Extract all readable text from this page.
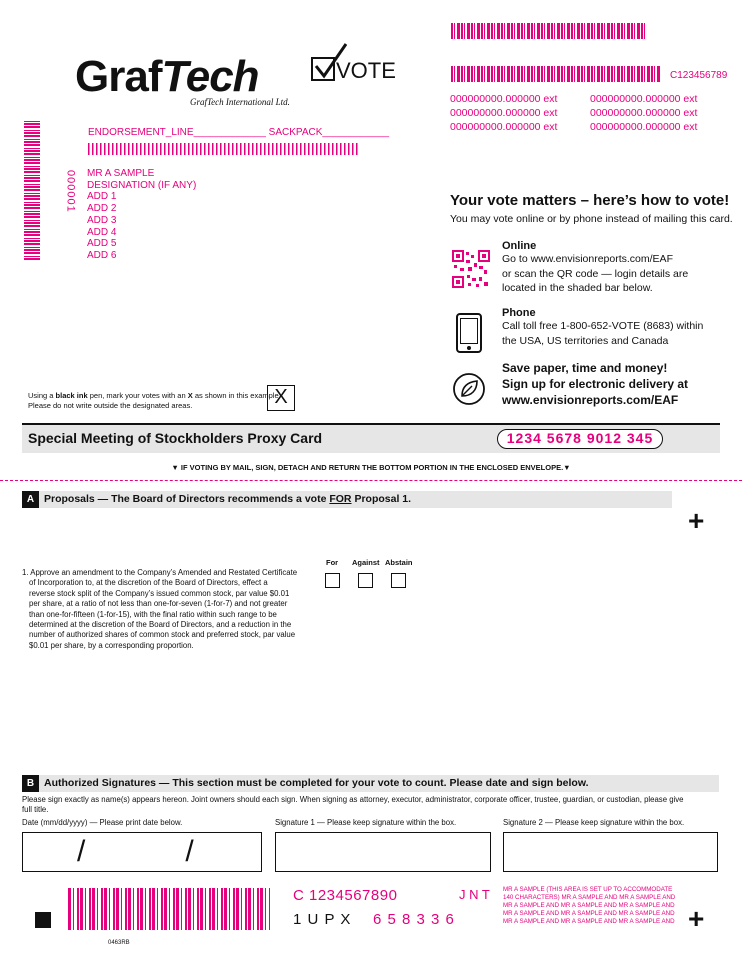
C123456789
GrafTech
GrafTech International Ltd.
VOTE
000000000.000000 ext	000000000.000000 ext
000000000.000000 ext	000000000.000000 ext
000000000.000000 ext	000000000.000000 ext
ENDORSEMENT_LINE_____________ SACKPACK____________
000001 MR A SAMPLE
DESIGNATION (IF ANY)
ADD 1
ADD 2
ADD 3
ADD 4
ADD 5
ADD 6
Your vote matters – here’s how to vote!
You may vote online or by phone instead of mailing this card.
Online
Go to www.envisionreports.com/EAF
or scan the QR code — login details are
located in the shaded bar below.
Phone
Call toll free 1-800-652-VOTE (8683) within
the USA, US territories and Canada
Save paper, time and money!
Sign up for electronic delivery at
www.envisionreports.com/EAF
Using a black ink pen, mark your votes with an X as shown in this example.
Please do not write outside the designated areas.	X
Special Meeting of Stockholders Proxy Card	1234 5678 9012 345
▼ IF VOTING BY MAIL, SIGN, DETACH AND RETURN THE BOTTOM PORTION IN THE ENCLOSED ENVELOPE.▼
A Proposals — The Board of Directors recommends a vote FOR Proposal 1.
+
1. Approve an amendment to the Company’s Amended and Restated Certificate
of Incorporation to, at the discretion of the Board of Directors, effect a
reverse stock split of the Company’s issued common stock, par value $0.01
per share, at a ratio of not less than one-for-seven (1-for-7) and not greater
than one-for-fifteen (1-for-15), with the final ratio within such range to be
determined at the discretion of the Board of Directors, and a reduction in the
number of authorized shares of common stock and preferred stock, par value
$0.01 per share, by a corresponding proportion.
For Against Abstain
B Authorized Signatures — This section must be completed for your vote to count. Please date and sign below.
Please sign exactly as name(s) appears hereon. Joint owners should each sign. When signing as attorney, executor, administrator, corporate officer, trustee, guardian, or custodian, please give
full title.
Date (mm/dd/yyyy) — Please print date below.	Signature 1 — Please keep signature within the box.	Signature 2 — Please keep signature within the box.
/            /
0463RB
C 1234567890	J N T
1 U P X 6 5 8 3 3 6
MR A SAMPLE (THIS AREA IS SET UP TO ACCOMMODATE
140 CHARACTERS) MR A SAMPLE AND MR A SAMPLE AND
MR A SAMPLE AND MR A SAMPLE AND MR A SAMPLE AND
MR A SAMPLE AND MR A SAMPLE AND MR A SAMPLE AND
MR A SAMPLE AND MR A SAMPLE AND MR A SAMPLE AND +
